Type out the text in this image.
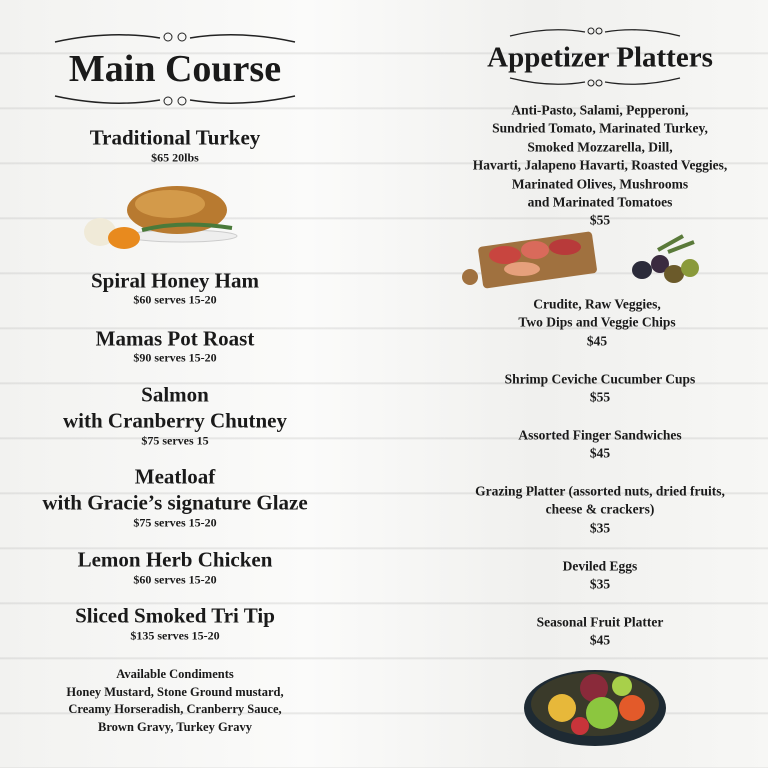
Main Course
Traditional Turkey
$65 20lbs
Spiral Honey Ham
$60 serves 15-20
Mamas Pot Roast
$90 serves 15-20
Salmon
with Cranberry Chutney
$75 serves 15
Meatloaf
with Gracie’s signature Glaze
$75 serves 15-20
Lemon Herb Chicken
$60 serves 15-20
Sliced Smoked Tri Tip
$135 serves 15-20
Available Condiments
Honey Mustard, Stone Ground mustard,
Creamy Horseradish, Cranberry Sauce,
Brown Gravy, Turkey Gravy
Appetizer Platters
Anti-Pasto, Salami, Pepperoni,
Sundried Tomato, Marinated Turkey,
Smoked Mozzarella, Dill,
Havarti, Jalapeno Havarti, Roasted Veggies,
Marinated Olives, Mushrooms
and Marinated Tomatoes
$55
Crudite, Raw Veggies,
Two Dips and Veggie Chips
$45
Shrimp Ceviche Cucumber Cups
$55
Assorted Finger Sandwiches
$45
Grazing Platter (assorted nuts, dried fruits,
cheese & crackers)
$35
Deviled Eggs
$35
Seasonal Fruit Platter
$45
